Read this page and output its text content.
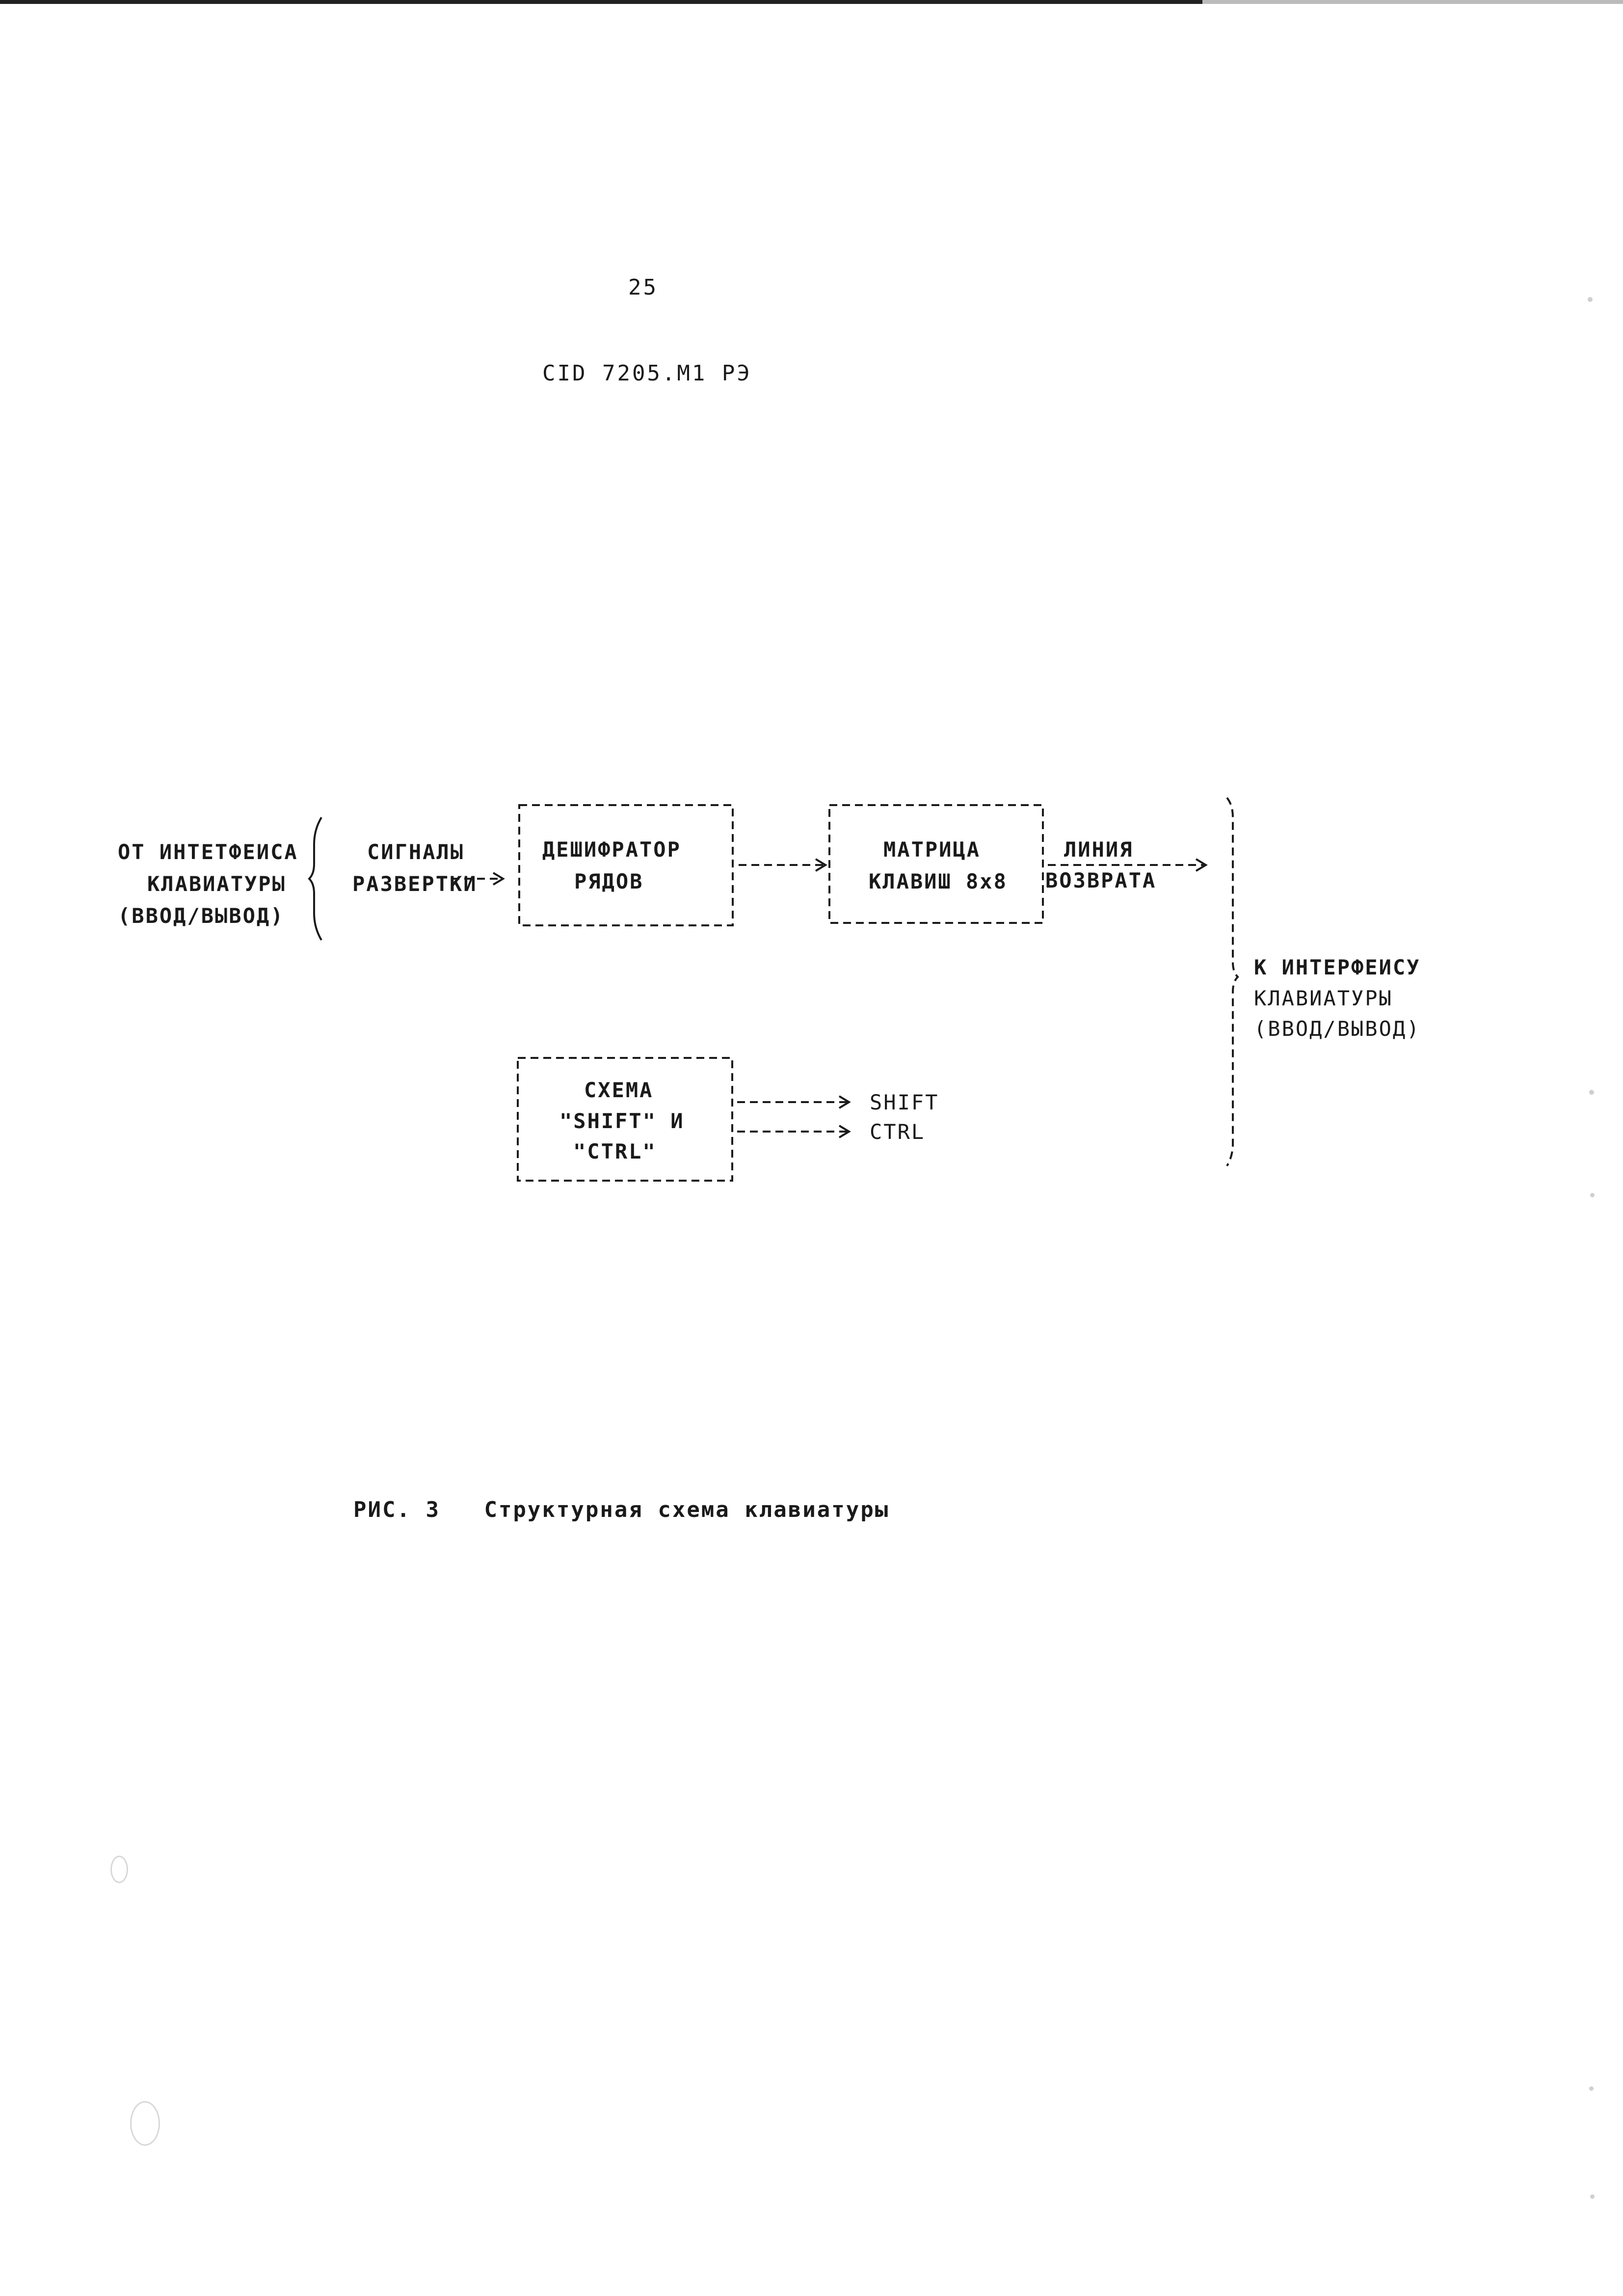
25
CID 7205.M1 РЭ
ОТ ИНТЕТФЕИСА
КЛАВИАТУРЫ
(ВВОД/ВЫВОД)
СИГНАЛЫ
РАЗВЕРТКИ
ДЕШИФРАТОР
РЯДОВ
МАТРИЦА
КЛАВИШ 8x8
ЛИНИЯ
ВОЗВРАТА
К ИНТЕРФЕИСУ
КЛАВИАТУРЫ
(ВВОД/ВЫВОД)
СХЕМА
"SHIFT" И
"CTRL"
SHIFT
CTRL
РИС. 3 Структурная схема клавиатуры
